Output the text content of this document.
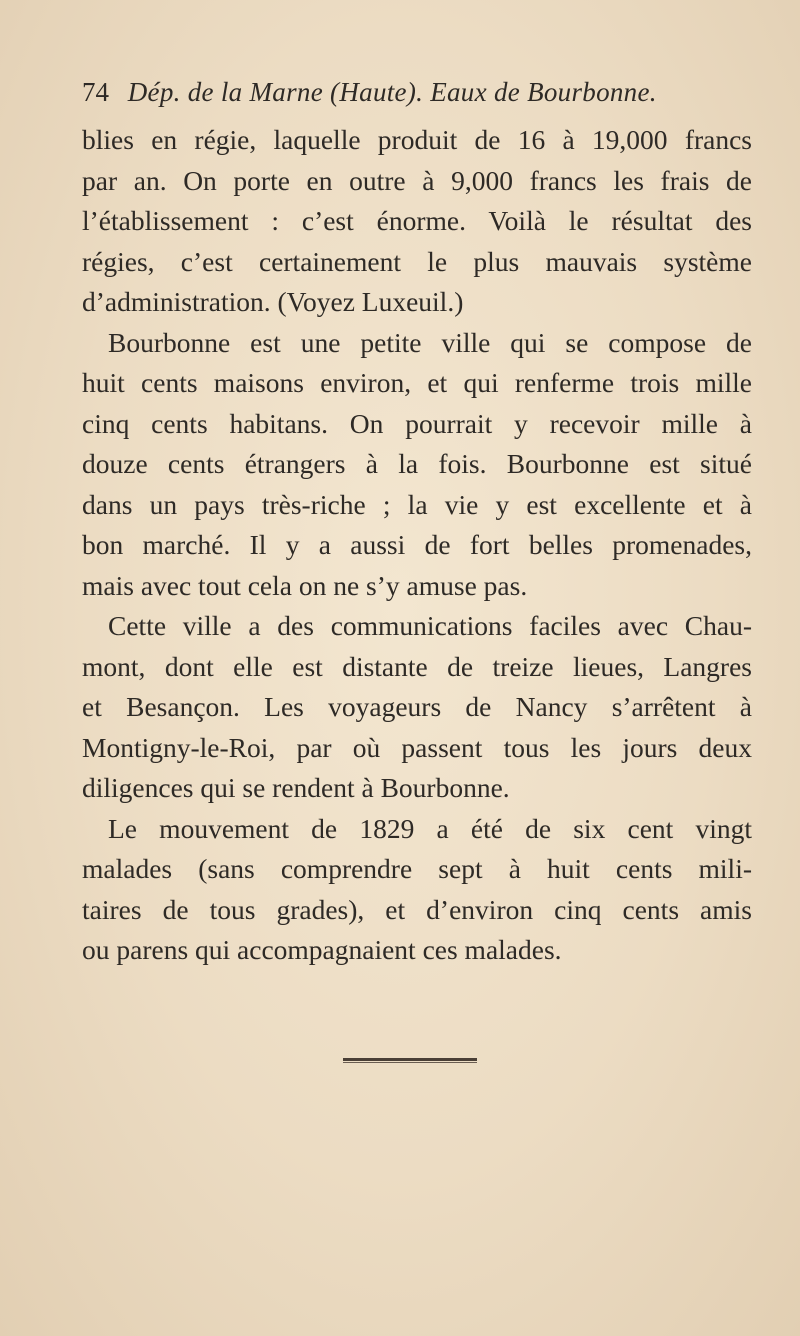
74 Dép. de la Marne (Haute). Eaux de Bourbonne.
blies en régie, laquelle produit de 16 à 19,000 francs
par an. On porte en outre à 9,000 francs les frais de
l’établissement : c’est énorme. Voilà le résultat des
régies, c’est certainement le plus mauvais système
d’administration. (Voyez Luxeuil.)
Bourbonne est une petite ville qui se compose de
huit cents maisons environ, et qui renferme trois mille
cinq cents habitans. On pourrait y recevoir mille à
douze cents étrangers à la fois. Bourbonne est situé
dans un pays très-riche ; la vie y est excellente et à
bon marché. Il y a aussi de fort belles promenades,
mais avec tout cela on ne s’y amuse pas.
Cette ville a des communications faciles avec Chau-
mont, dont elle est distante de treize lieues, Langres
et Besançon. Les voyageurs de Nancy s’arrêtent à
Montigny-le-Roi, par où passent tous les jours deux
diligences qui se rendent à Bourbonne.
Le mouvement de 1829 a été de six cent vingt
malades (sans comprendre sept à huit cents mili-
taires de tous grades), et d’environ cinq cents amis
ou parens qui accompagnaient ces malades.
